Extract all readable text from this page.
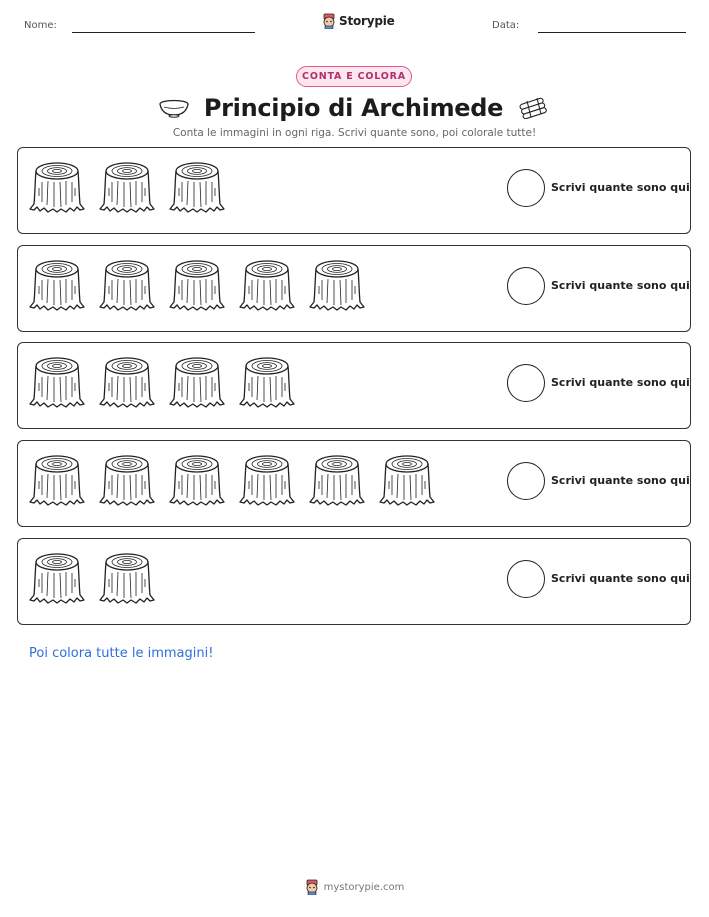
Nome:	Storypie	Data:
CONTA E COLORA
Principio di Archimede
Conta le immagini in ogni riga. Scrivi quante sono, poi colorale tutte!
Scrivi quante sono qui
Scrivi quante sono qui
Scrivi quante sono qui
Scrivi quante sono qui
Scrivi quante sono qui
Poi colora tutte le immagini!
mystorypie.com
